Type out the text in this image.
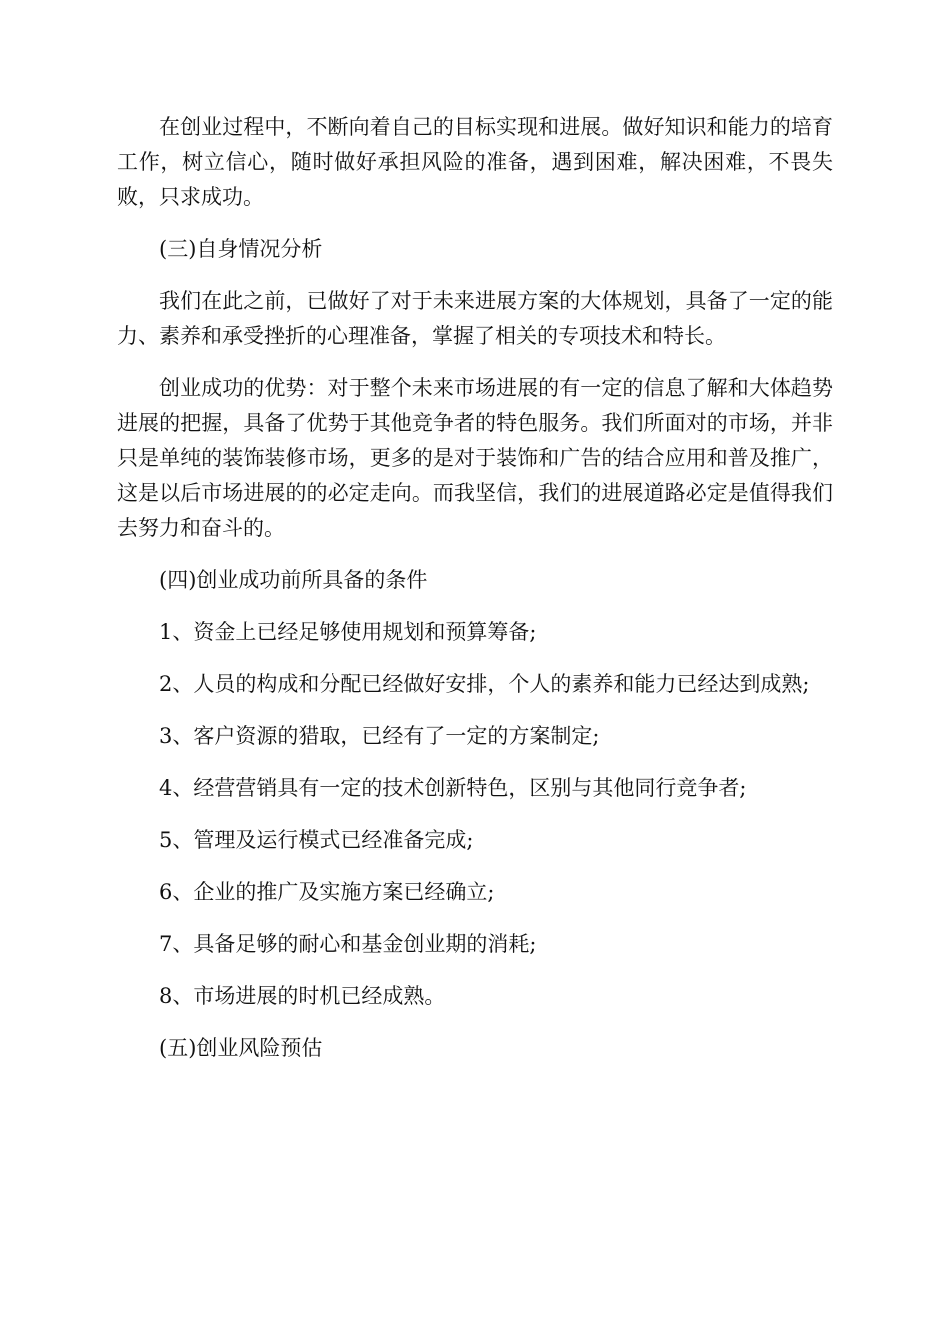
在创业过程中，不断向着自己的目标实现和进展。做好知识和能力的培育工作，树立信心，随时做好承担风险的准备，遇到困难，解决困难，不畏失败，只求成功。

(三)自身情况分析

我们在此之前，已做好了对于未来进展方案的大体规划，具备了一定的能力、素养和承受挫折的心理准备，掌握了相关的专项技术和特长。

创业成功的优势：对于整个未来市场进展的有一定的信息了解和大体趋势进展的把握，具备了优势于其他竞争者的特色服务。我们所面对的市场，并非只是单纯的装饰装修市场，更多的是对于装饰和广告的结合应用和普及推广，这是以后市场进展的的必定走向。而我坚信，我们的进展道路必定是值得我们去努力和奋斗的。

(四)创业成功前所具备的条件

1、资金上已经足够使用规划和预算筹备;

2、人员的构成和分配已经做好安排，个人的素养和能力已经达到成熟;

3、客户资源的猎取，已经有了一定的方案制定;

4、经营营销具有一定的技术创新特色，区别与其他同行竞争者;

5、管理及运行模式已经准备完成;

6、企业的推广及实施方案已经确立;

7、具备足够的耐心和基金创业期的消耗;

8、市场进展的时机已经成熟。

(五)创业风险预估
